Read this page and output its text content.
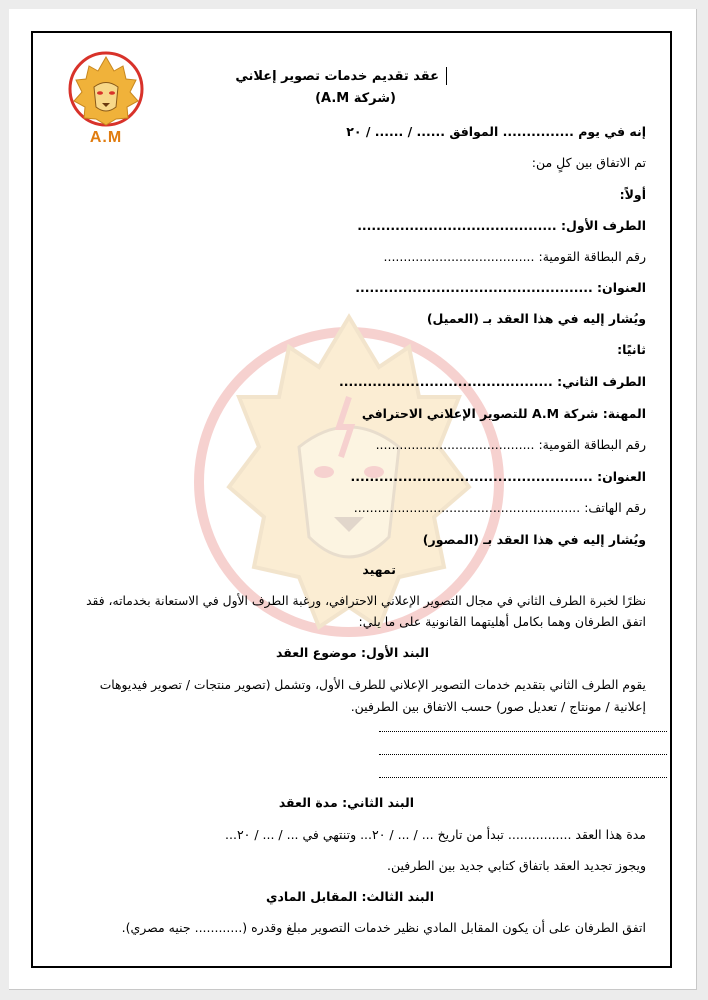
A.M
عقد تقديم خدمات تصوير إعلاني
(شركة A.M)
إنه في يوم ............... الموافق ...... / ...... / ٢٠
تم الاتفاق بين كلٍ من:
أولاً:
الطرف الأول: ..........................................
رقم البطاقة القومية: ......................................
العنوان: ..................................................
ويُشار إليه في هذا العقد بـ (العميل)
ثانيًا:
الطرف الثاني: .............................................
المهنة: شركة A.M للتصوير الإعلاني الاحترافي
رقم البطاقة القومية: ........................................
العنوان: ...................................................
رقم الهاتف: .........................................................
ويُشار إليه في هذا العقد بـ (المصور)
تمهيد
نظرًا لخبرة الطرف الثاني في مجال التصوير الإعلاني الاحترافي، ورغبة الطرف الأول في الاستعانة بخدماته، فقد
اتفق الطرفان وهما بكامل أهليتهما القانونية على ما يلي:
البند الأول: موضوع العقد
يقوم الطرف الثاني بتقديم خدمات التصوير الإعلاني للطرف الأول، وتشمل (تصوير منتجات / تصوير فيديوهات
إعلانية / مونتاج / تعديل صور) حسب الاتفاق بين الطرفين.
البند الثاني: مدة العقد
مدة هذا العقد ................ تبدأ من تاريخ ... / ... / ٢٠... وتنتهي في ... / ... / ٢٠...
ويجوز تجديد العقد باتفاق كتابي جديد بين الطرفين.
البند الثالث: المقابل المادي
اتفق الطرفان على أن يكون المقابل المادي نظير خدمات التصوير مبلغ وقدره (............ جنيه مصري).
